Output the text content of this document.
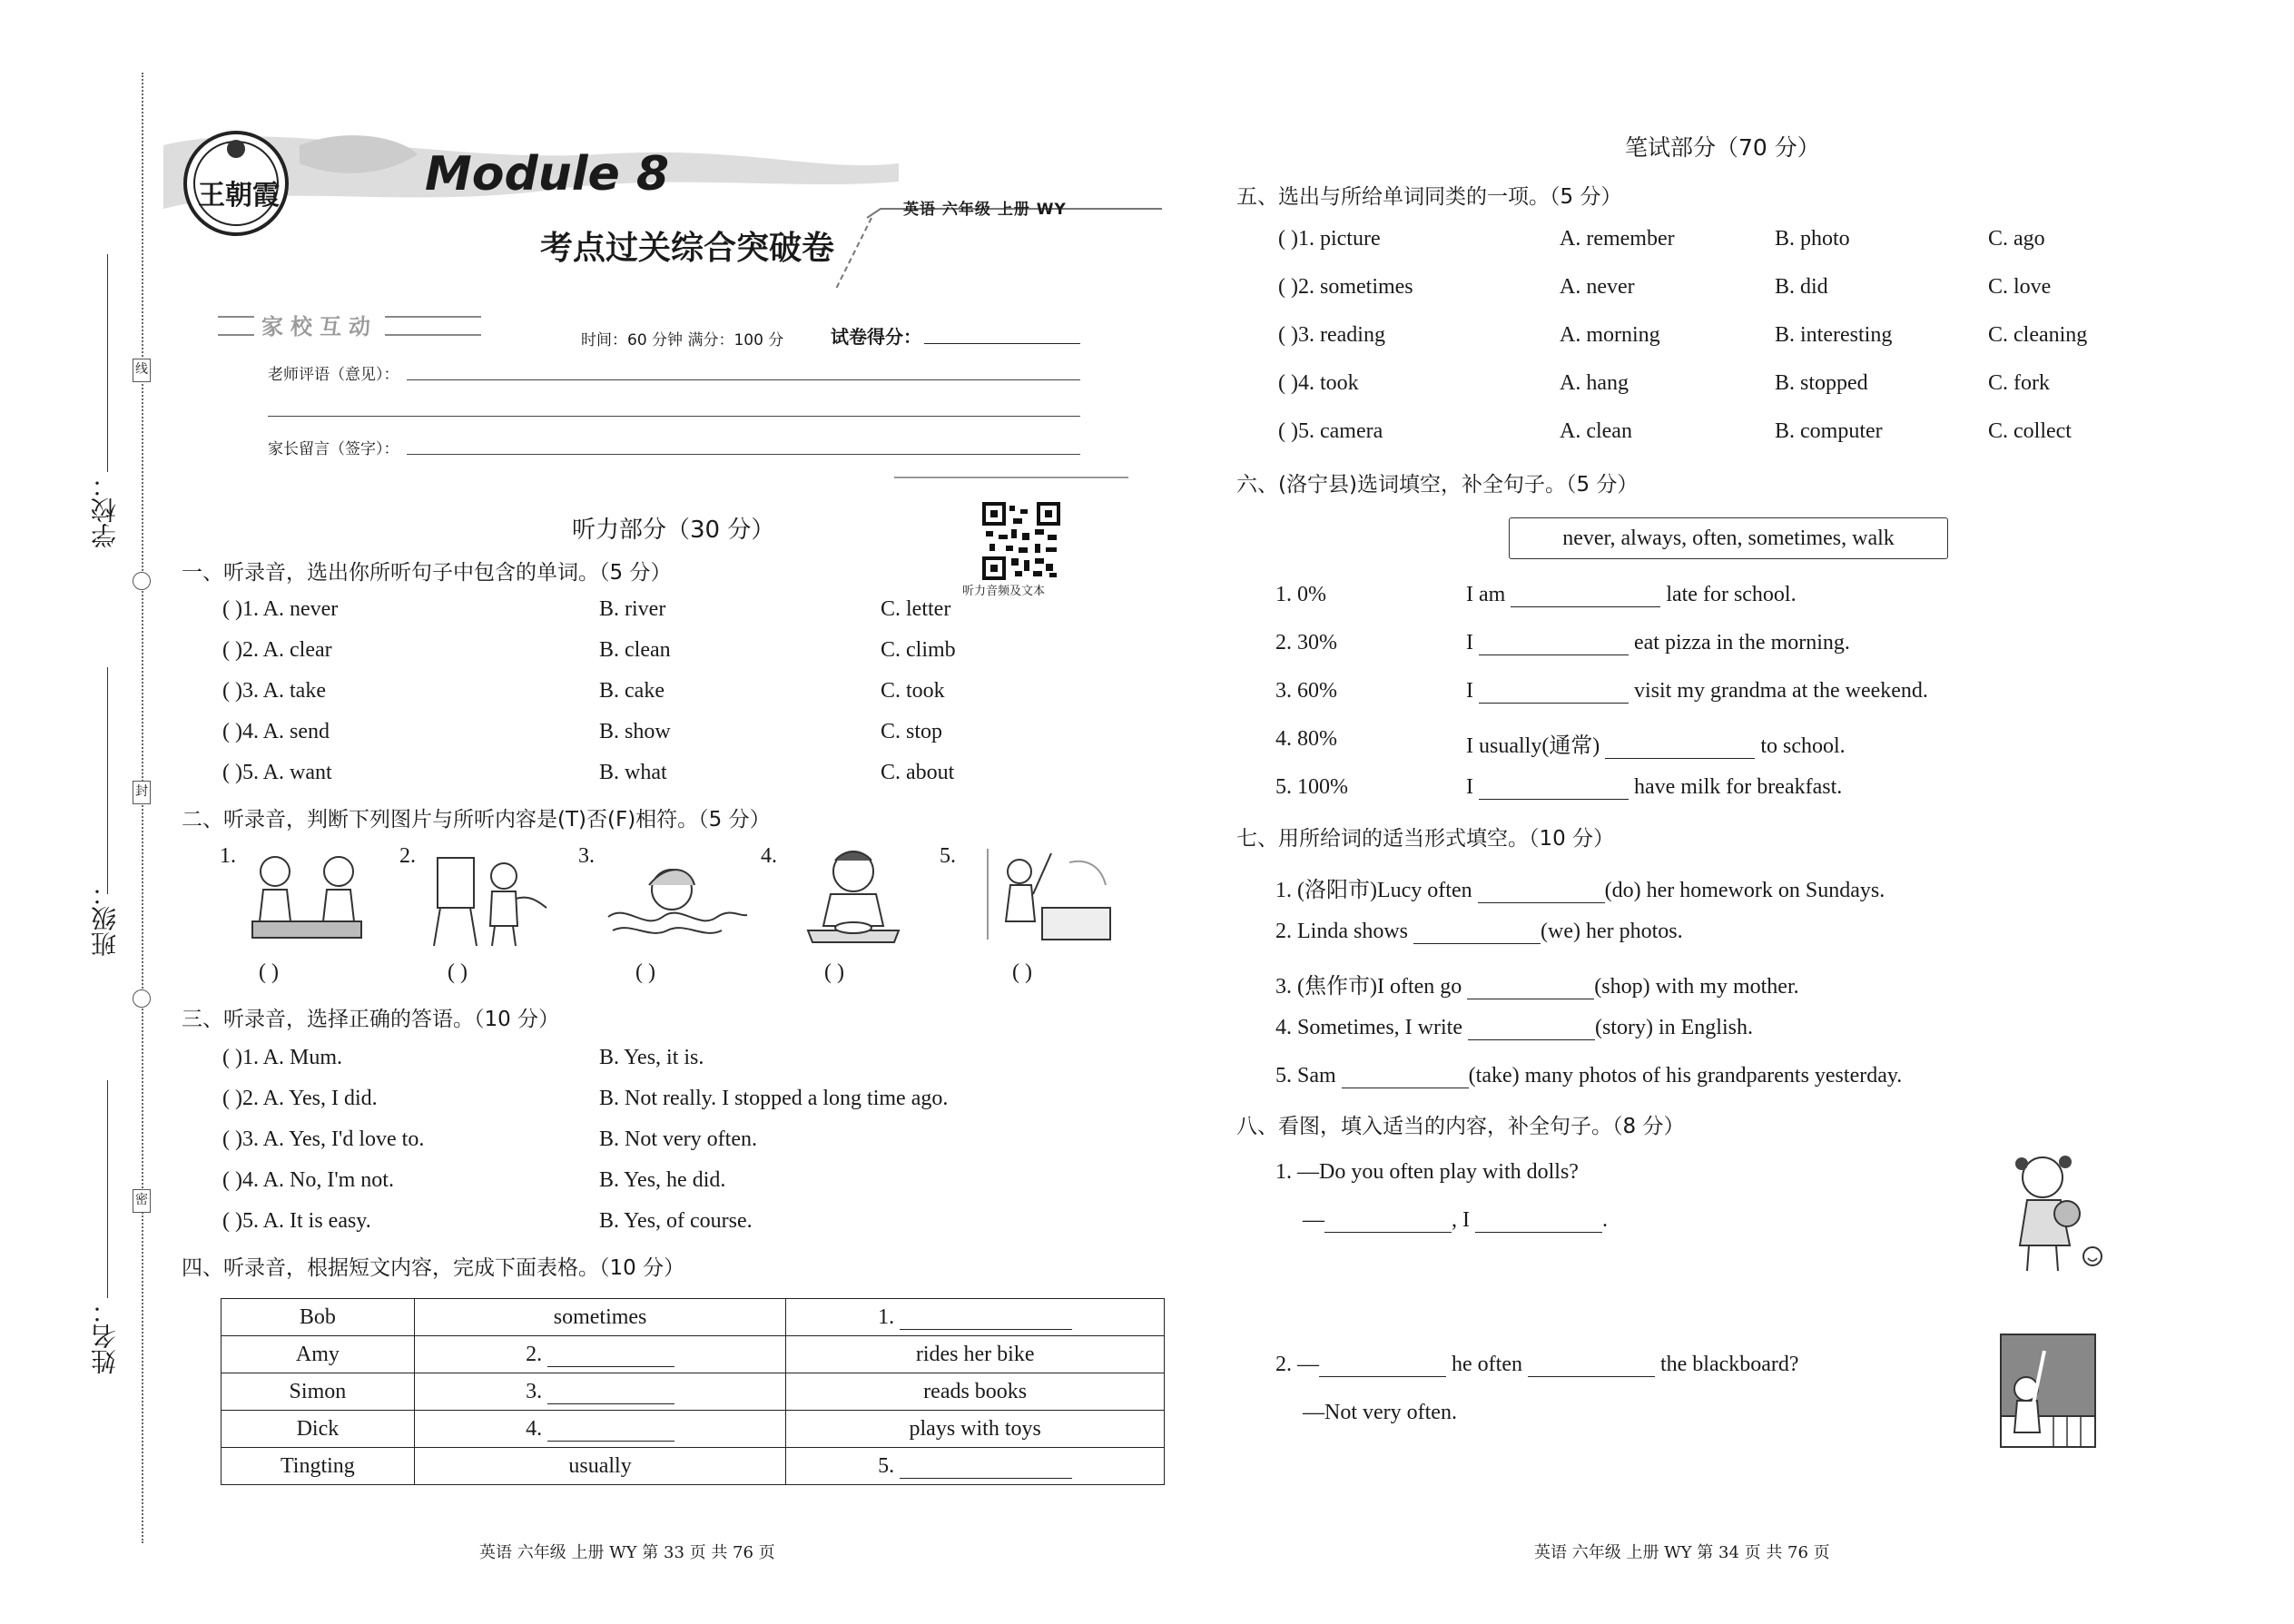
学校：
班级：
姓名：
线
封
密
王朝霞	Module 8
考点过关综合突破卷
英语 六年级 上册 WY
家校互动
时间：60 分钟 满分：100 分	试卷得分：
老师评语（意见）：
家长留言（签字）：
听力音频及文本
听力部分（30 分）
一、听录音，选出你所听句子中包含的单词。（5 分）
( )1. A. never	B. river	C. letter
( )2. A. clear	B. clean	C. climb
( )3. A. take	B. cake	C. took
( )4. A. send	B. show	C. stop
( )5. A. want	B. what	C. about
二、听录音，判断下列图片与所听内容是(T)否(F)相符。（5 分）
1.	2.	3.	4.	5.
( )	( )	( )	( )	( )
三、听录音，选择正确的答语。（10 分）
( )1. A. Mum.	B. Yes, it is.
( )2. A. Yes, I did.	B. Not really. I stopped a long time ago.
( )3. A. Yes, I'd love to.	B. Not very often.
( )4. A. No, I'm not.	B. Yes, he did.
( )5. A. It is easy.	B. Yes, of course.
四、听录音，根据短文内容，完成下面表格。（10 分）
Bob	sometimes	1.
Amy	2.	rides her bike
Simon	3.	reads books
Dick	4.	plays with toys
Tingting	usually	5.
笔试部分（70 分）
五、选出与所给单词同类的一项。（5 分）
( )1. picture	A. remember	B. photo	C. ago
( )2. sometimes	A. never	B. did	C. love
( )3. reading	A. morning	B. interesting	C. cleaning
( )4. took	A. hang	B. stopped	C. fork
( )5. camera	A. clean	B. computer	C. collect
六、(洛宁县)选词填空，补全句子。（5 分）
never, always, often, sometimes, walk
1. 0%	I am	late for school.
2. 30%	I	eat pizza in the morning.
3. 60%	I	visit my grandma at the weekend.
4. 80%	I usually(通常)	to school.
5. 100%	I	have milk for breakfast.
七、用所给词的适当形式填空。（10 分）
1. (洛阳市)Lucy often	(do) her homework on Sundays.
2. Linda shows	(we) her photos.
3. (焦作市)I often go	(shop) with my mother.
4. Sometimes, I write	(story) in English.
5. Sam	(take) many photos of his grandparents yesterday.
八、看图，填入适当的内容，补全句子。（8 分）
1. —Do you often play with dolls?
—	, I	.
2. —	he often	the blackboard?
—Not very often.
英语 六年级 上册 WY 第 33 页 共 76 页	英语 六年级 上册 WY 第 34 页 共 76 页
